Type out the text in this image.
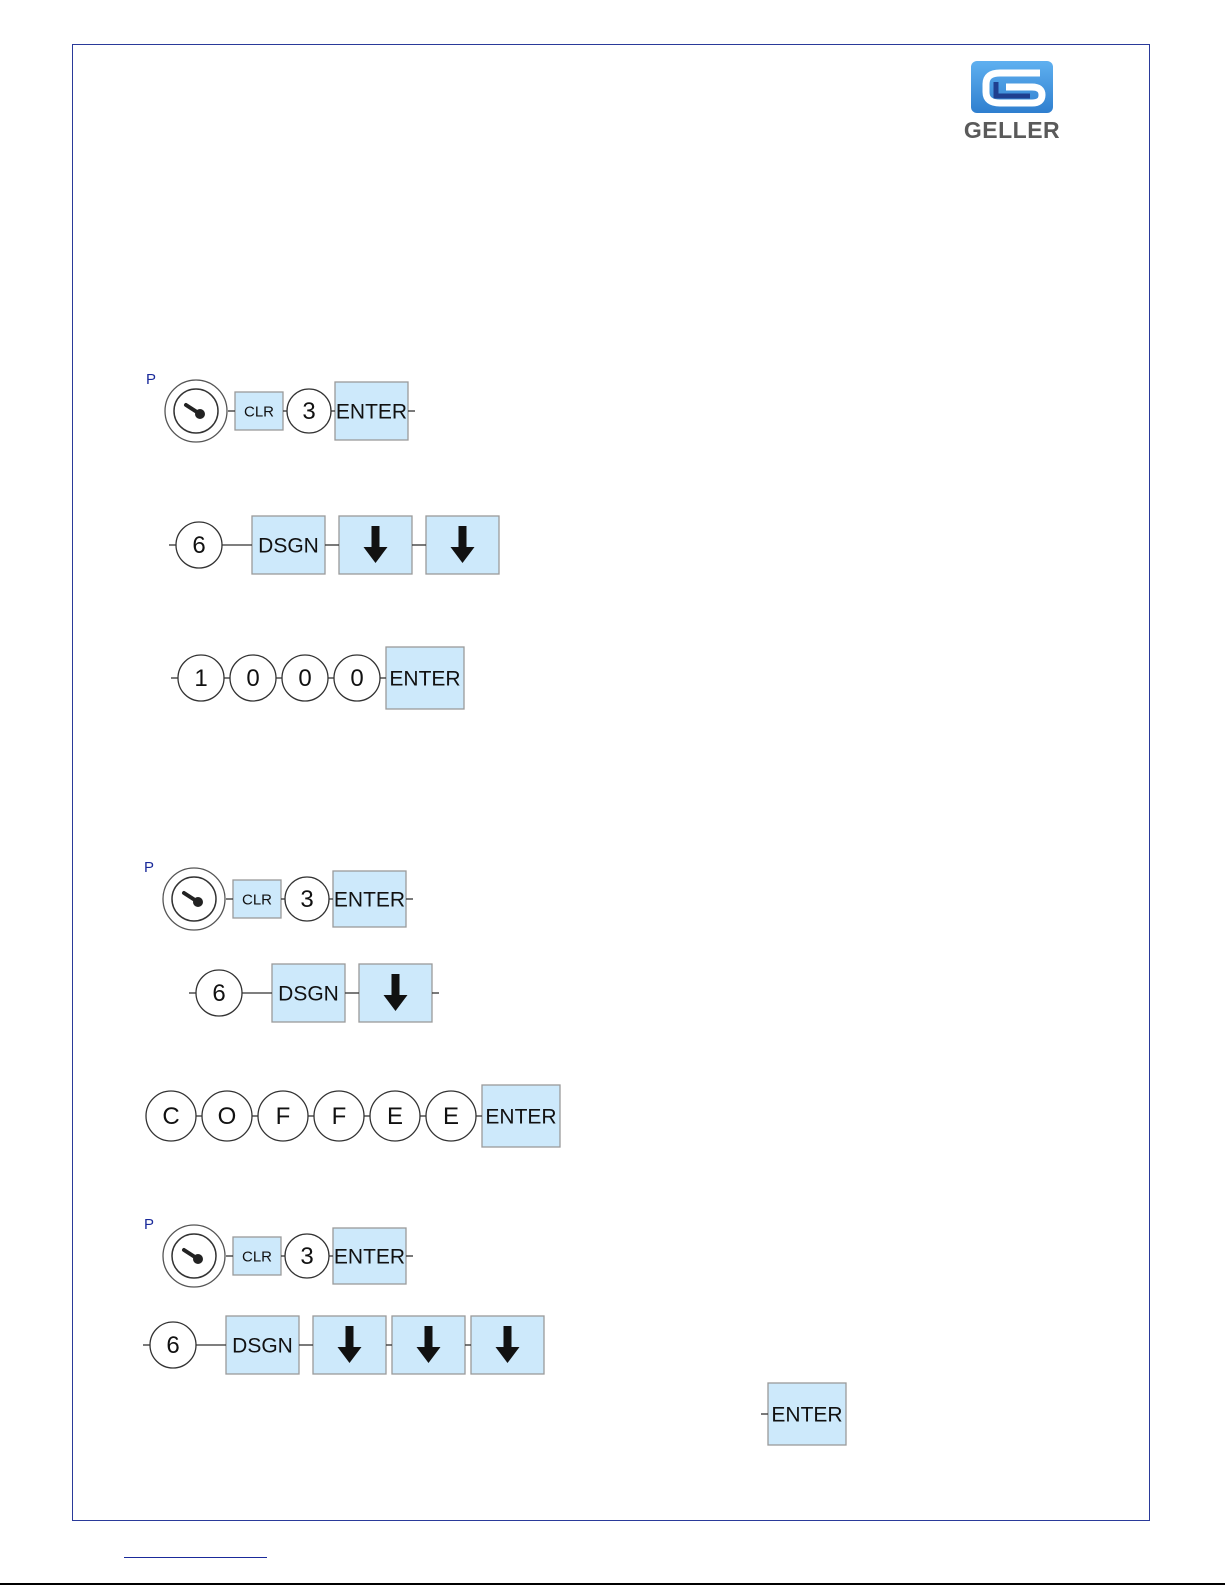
GELLER
P
CLR 3 ENTER
6 DSGN
1 0 0 0 ENTER
P
CLR 3 ENTER
6 DSGN
C O F F E E ENTER
P
CLR 3 ENTER
6 DSGN
ENTER
